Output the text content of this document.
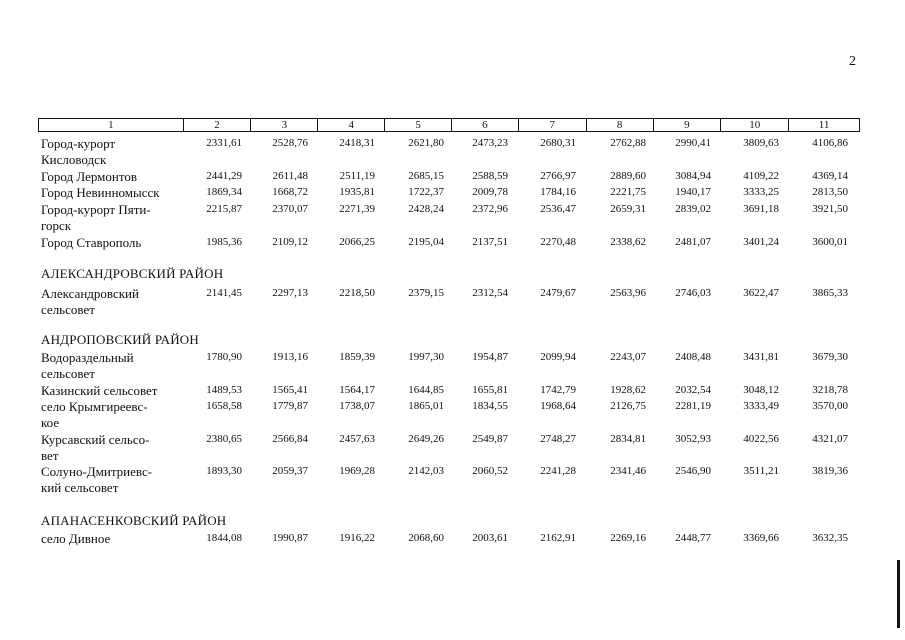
2
1	2	3	4	5	6	7	8	9	10	11
Город-курорт
Кисловодск
2331,61	2528,76	2418,31	2621,80	2473,23	2680,31	2762,88	2990,41	3809,63	4106,86
Город Лермонтов	2441,29	2611,48	2511,19	2685,15	2588,59	2766,97	2889,60	3084,94	4109,22	4369,14
Город Невинномысск	1869,34	1668,72	1935,81	1722,37	2009,78	1784,16	2221,75	1940,17	3333,25	2813,50
Город-курорт Пяти-
горск
2215,87	2370,07	2271,39	2428,24	2372,96	2536,47	2659,31	2839,02	3691,18	3921,50
Город Ставрополь	1985,36	2109,12	2066,25	2195,04	2137,51	2270,48	2338,62	2481,07	3401,24	3600,01
АЛЕКСАНДРОВСКИЙ РАЙОН
Александровский
сельсовет
2141,45	2297,13	2218,50	2379,15	2312,54	2479,67	2563,96	2746,03	3622,47	3865,33
АНДРОПОВСКИЙ РАЙОН
Водораздельный
сельсовет
1780,90	1913,16	1859,39	1997,30	1954,87	2099,94	2243,07	2408,48	3431,81	3679,30
Казинский сельсовет	1489,53	1565,41	1564,17	1644,85	1655,81	1742,79	1928,62	2032,54	3048,12	3218,78
село Крымгиреевс-
кое
1658,58	1779,87	1738,07	1865,01	1834,55	1968,64	2126,75	2281,19	3333,49	3570,00
Курсавский сельсо-
вет
2380,65	2566,84	2457,63	2649,26	2549,87	2748,27	2834,81	3052,93	4022,56	4321,07
Солуно-Дмитриевс-
кий сельсовет
1893,30	2059,37	1969,28	2142,03	2060,52	2241,28	2341,46	2546,90	3511,21	3819,36
АПАНАСЕНКОВСКИЙ РАЙОН
село Дивное	1844,08	1990,87	1916,22	2068,60	2003,61	2162,91	2269,16	2448,77	3369,66	3632,35
